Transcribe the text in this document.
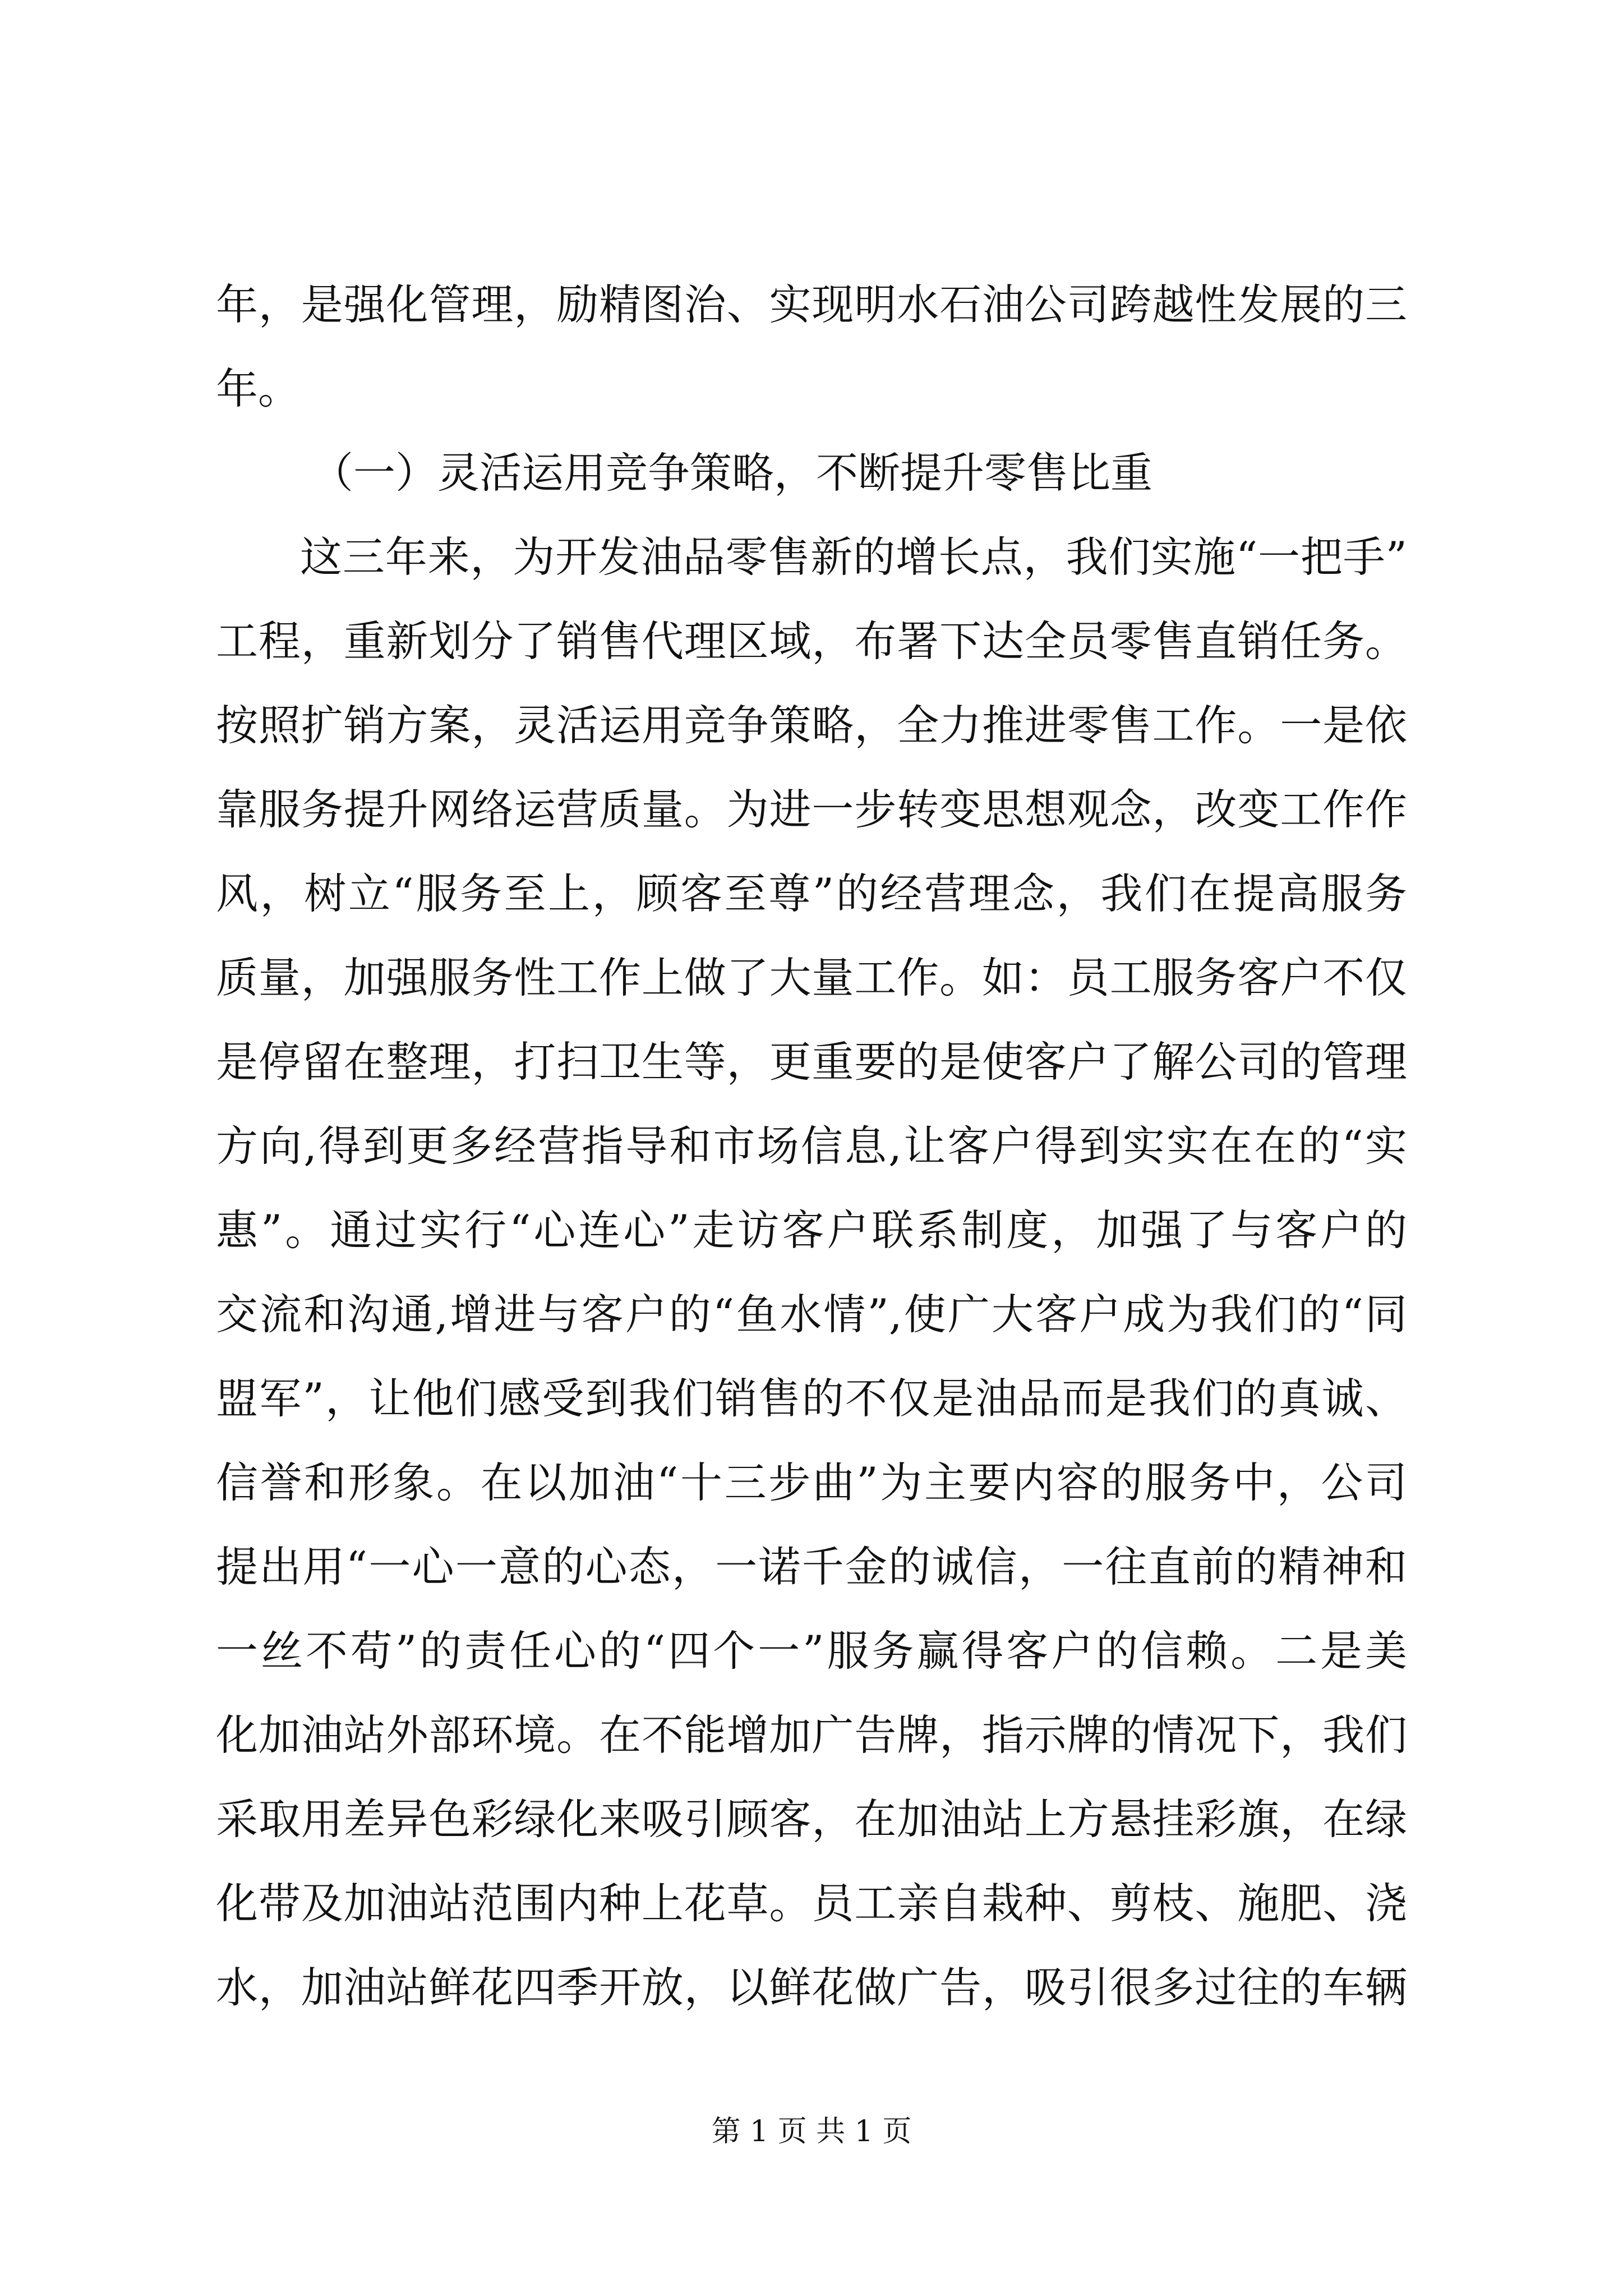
年，是强化管理，励精图治、实现明水石油公司跨越性发展的三
年。
（一）灵活运用竞争策略，不断提升零售比重
这三年来，为开发油品零售新的增长点，我们实施“一把手”
工程，重新划分了销售代理区域，布署下达全员零售直销任务。
按照扩销方案，灵活运用竞争策略，全力推进零售工作。一是依
靠服务提升网络运营质量。为进一步转变思想观念，改变工作作
风，树立“服务至上，顾客至尊”的经营理念，我们在提高服务
质量，加强服务性工作上做了大量工作。如：员工服务客户不仅
是停留在整理，打扫卫生等，更重要的是使客户了解公司的管理
方向,得到更多经营指导和市场信息,让客户得到实实在在的“实
惠”。通过实行“心连心”走访客户联系制度，加强了与客户的
交流和沟通,增进与客户的“鱼水情”,使广大客户成为我们的“同
盟军”，让他们感受到我们销售的不仅是油品而是我们的真诚、
信誉和形象。在以加油“十三步曲”为主要内容的服务中，公司
提出用“一心一意的心态，一诺千金的诚信，一往直前的精神和
一丝不苟”的责任心的“四个一”服务赢得客户的信赖。二是美
化加油站外部环境。在不能增加广告牌，指示牌的情况下，我们
采取用差异色彩绿化来吸引顾客，在加油站上方悬挂彩旗，在绿
化带及加油站范围内种上花草。员工亲自栽种、剪枝、施肥、浇
水，加油站鲜花四季开放，以鲜花做广告，吸引很多过往的车辆
第 1 页 共 1 页
